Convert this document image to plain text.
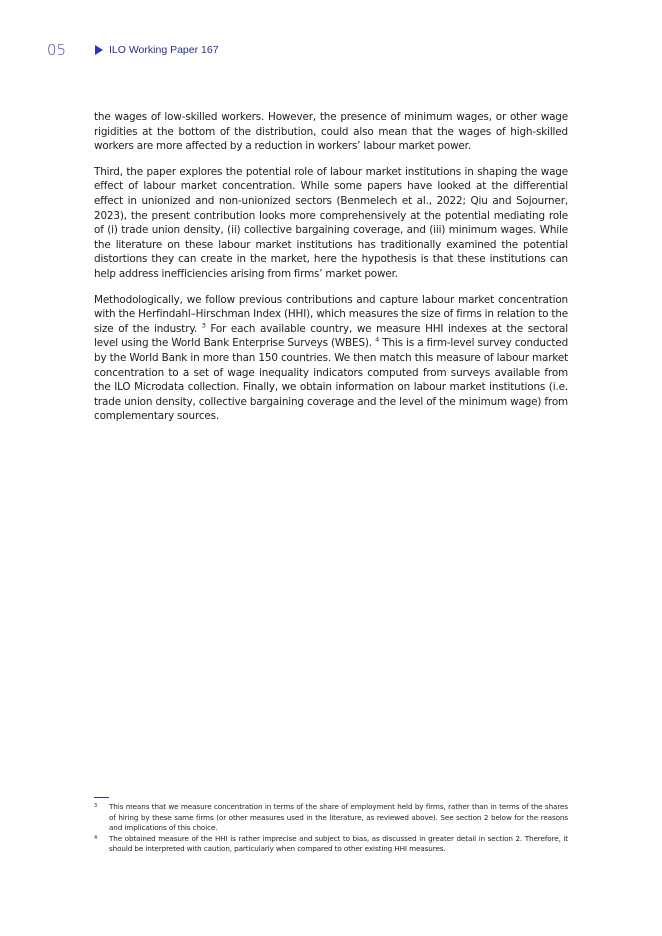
05	ILO Working Paper 167

the wages of low-skilled workers. However, the presence of minimum wages, or other wage rigidities at the bottom of the distribution, could also mean that the wages of high-skilled workers are more affected by a reduction in workers’ labour market power.

Third, the paper explores the potential role of labour market institutions in shaping the wage effect of labour market concentration. While some papers have looked at the differential effect in unionized and non-unionized sectors (Benmelech et al., 2022; Qiu and Sojourner, 2023), the present contribution looks more comprehensively at the potential mediating role of (i) trade union density, (ii) collective bargaining coverage, and (iii) minimum wages. While the literature on these labour market institutions has traditionally examined the potential distortions they can create in the market, here the hypothesis is that these institutions can help address inefficiencies arising from firms’ market power.

Methodologically, we follow previous contributions and capture labour market concentration with the Herfindahl–Hirschman Index (HHI), which measures the size of firms in relation to the size of the industry. $^3$ For each available country, we measure HHI indexes at the sectoral level using the World Bank Enterprise Surveys (WBES). $^4$ This is a firm-level survey conducted by the World Bank in more than 150 countries. We then match this measure of labour market concentration to a set of wage inequality indicators computed from surveys available from the ILO Microdata collection. Finally, we obtain information on labour market institutions (i.e. trade union density, collective bargaining coverage and the level of the minimum wage) from complementary sources.

3	This means that we measure concentration in terms of the share of employment held by firms, rather than in terms of the shares of hiring by these same firms (or other measures used in the literature, as reviewed above). See section 2 below for the reasons and implications of this choice.
4	The obtained measure of the HHI is rather imprecise and subject to bias, as discussed in greater detail in section 2. Therefore, it should be interpreted with caution, particularly when compared to other existing HHI measures.
